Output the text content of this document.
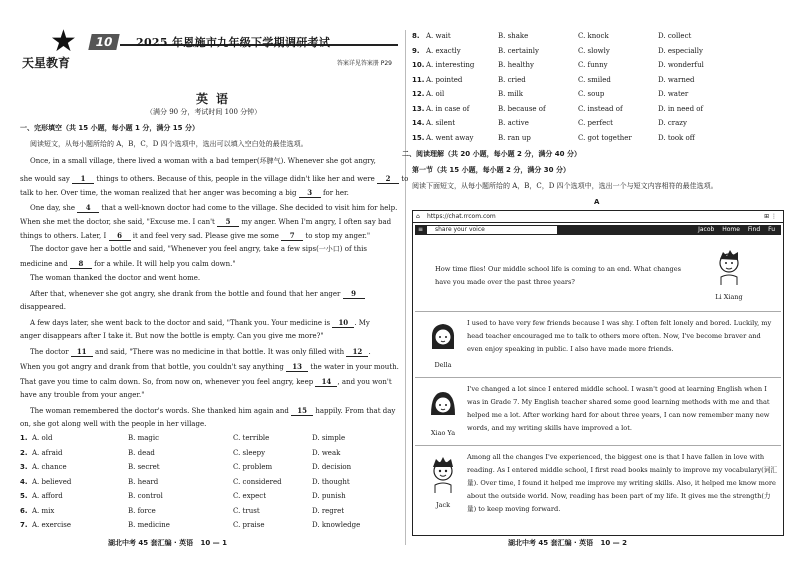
★
天星教育
10	2025 年恩施市九年级下学期调研考试
答案详见答案册 P29
英语
（满分 90 分，考试时间 100 分钟）
一、完形填空（共 15 小题，每小题 1 分，满分 15 分）
阅读短文，从每小题所给的 A，B，C，D 四个选项中，选出可以填入空白处的最佳选项。
Once, in a small village, there lived a woman with a bad temper(坏脾气). Whenever she got angry,
she would say 1 things to others. Because of this, people in the village didn't like her and were 2 to
talk to her. Over time, the woman realized that her anger was becoming a big 3 for her.
One day, she 4 that a well-known doctor had come to the village. She decided to visit him for help.
When she met the doctor, she said, "Excuse me. I can't 5 my anger. When I'm angry, I often say bad
things to others. Later, I 6 it and feel very sad. Please give me some 7 to stop my anger."
The doctor gave her a bottle and said, "Whenever you feel angry, take a few sips(一小口) of this
medicine and 8 for a while. It will help you calm down."
The woman thanked the doctor and went home.
After that, whenever she got angry, she drank from the bottle and found that her anger 9
disappeared.
A few days later, she went back to the doctor and said, "Thank you. Your medicine is 10 . My
anger disappears after I take it. But now the bottle is empty. Can you give me more?"
The doctor 11 and said, "There was no medicine in that bottle. It was only filled with 12 .
When you got angry and drank from that bottle, you couldn't say anything 13 the water in your mouth.
That gave you time to calm down. So, from now on, whenever you feel angry, keep 14 , and you won't
have any trouble from your anger."
The woman remembered the doctor's words. She thanked him again and 15 happily. From that day
on, she got along well with the people in her village.
1. A. old	B. magic	C. terrible	D. simple
2. A. afraid	B. dead	C. sleepy	D. weak
3. A. chance	B. secret	C. problem	D. decision
4. A. believed	B. heard	C. considered	D. thought
5. A. afford	B. control	C. expect	D. punish
6. A. mix	B. force	C. trust	D. regret
7. A. exercise	B. medicine	C. praise	D. knowledge
湖北中考 45 套汇编 · 英语 10 — 1
8. A. wait	B. shake	C. knock	D. collect
9. A. exactly	B. certainly	C. slowly	D. especially
10. A. interesting	B. healthy	C. funny	D. wonderful
11. A. pointed	B. cried	C. smiled	D. warned
12. A. oil	B. milk	C. soup	D. water
13. A. in case of	B. because of	C. instead of	D. in need of
14. A. silent	B. active	C. perfect	D. crazy
15. A. went away	B. ran up	C. got together	D. took off
二、阅读理解（共 20 小题，每小题 2 分，满分 40 分）
第一节（共 15 小题，每小题 2 分，满分 30 分）
阅读下面短文，从每小题所给的 A，B，C，D 四个选项中，选出一个与短文内容相符的最佳选项。
A
⌂ https://chat.rrcom.com	⊞ ⋮
≡	share your voice	Jacob Home Find Fu
How time flies! Our middle school life is coming to an end. What changes have you made over the past three years?
Li Xiang
Della
I used to have very few friends because I was shy. I often felt lonely and bored. Luckily, my head teacher encouraged me to talk to others more often. Now, I've become braver and even enjoy speaking in public. I also have made more friends.
Xiao Ya
I've changed a lot since I entered middle school. I wasn't good at learning English when I was in Grade 7. My English teacher shared some good learning methods with me and that helped me a lot. After working hard for about three years, I can now remember many new words, and my writing skills have improved a lot.
Jack
Among all the changes I've experienced, the biggest one is that I have fallen in love with reading. As I entered middle school, I first read books mainly to improve my vocabulary(词汇量). Over time, I found it helped me improve my writing skills. Also, it helped me know more about the outside world. Now, reading has been part of my life. It gives me the strength(力量) to keep moving forward.
湖北中考 45 套汇编 · 英语 10 — 2
